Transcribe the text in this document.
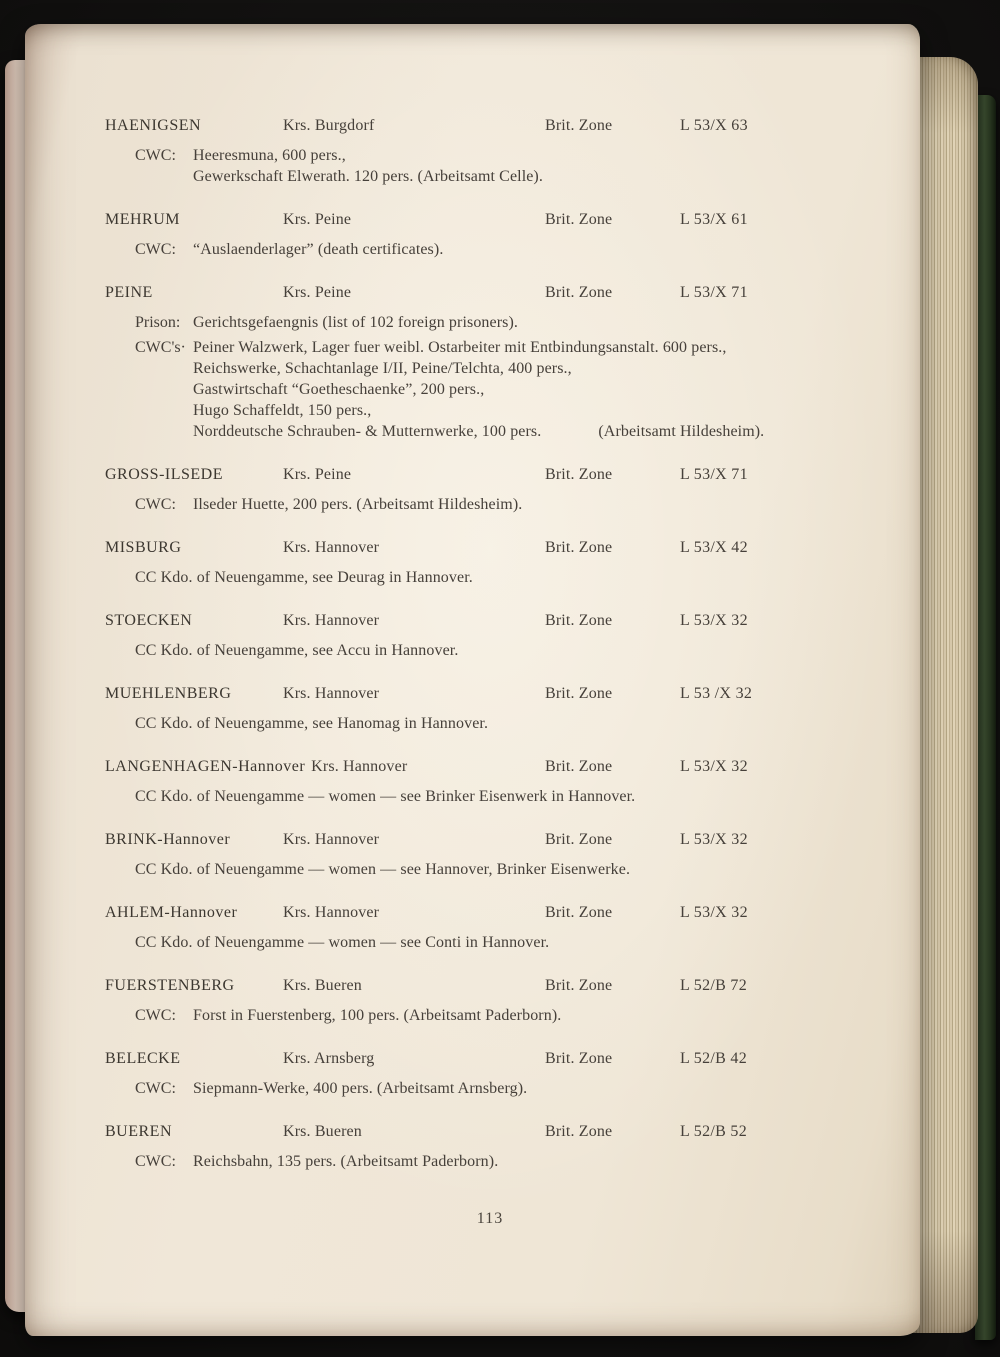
HAENIGSEN	Krs. Burgdorf	Brit. Zone	L 53/X 63
CWC:	Heeresmuna, 600 pers.,
Gewerkschaft Elwerath. 120 pers. (Arbeitsamt Celle).
MEHRUM	Krs. Peine	Brit. Zone	L 53/X 61
CWC:	“Auslaenderlager” (death certificates).
PEINE	Krs. Peine	Brit. Zone	L 53/X 71
Prison: Gerichtsgefaengnis (list of 102 foreign prisoners).
CWC's· Peiner Walzwerk, Lager fuer weibl. Ostarbeiter mit Entbindungsanstalt. 600 pers.,
Reichswerke, Schachtanlage I/II, Peine/Telchta, 400 pers.,
Gastwirtschaft “Goetheschaenke”, 200 pers.,
Hugo Schaffeldt, 150 pers.,
Norddeutsche Schrauben- & Mutternwerke, 100 pers.	(Arbeitsamt Hildesheim).
GROSS-ILSEDE	Krs. Peine	Brit. Zone	L 53/X 71
CWC:	Ilseder Huette, 200 pers. (Arbeitsamt Hildesheim).
MISBURG	Krs. Hannover	Brit. Zone	L 53/X 42
CC Kdo. of Neuengamme, see Deurag in Hannover.
STOECKEN	Krs. Hannover	Brit. Zone	L 53/X 32
CC Kdo. of Neuengamme, see Accu in Hannover.
MUEHLENBERG	Krs. Hannover	Brit. Zone	L 53 /X 32
CC Kdo. of Neuengamme, see Hanomag in Hannover.
LANGENHAGEN-Hannover Krs. Hannover	Brit. Zone	L 53/X 32
CC Kdo. of Neuengamme — women — see Brinker Eisenwerk in Hannover.
BRINK-Hannover	Krs. Hannover	Brit. Zone	L 53/X 32
CC Kdo. of Neuengamme — women — see Hannover, Brinker Eisenwerke.
AHLEM-Hannover	Krs. Hannover	Brit. Zone	L 53/X 32
CC Kdo. of Neuengamme — women — see Conti in Hannover.
FUERSTENBERG	Krs. Bueren	Brit. Zone	L 52/B 72
CWC:	Forst in Fuerstenberg, 100 pers. (Arbeitsamt Paderborn).
BELECKE	Krs. Arnsberg	Brit. Zone	L 52/B 42
CWC:	Siepmann-Werke, 400 pers. (Arbeitsamt Arnsberg).
BUEREN	Krs. Bueren	Brit. Zone	L 52/B 52
CWC:	Reichsbahn, 135 pers. (Arbeitsamt Paderborn).
113
